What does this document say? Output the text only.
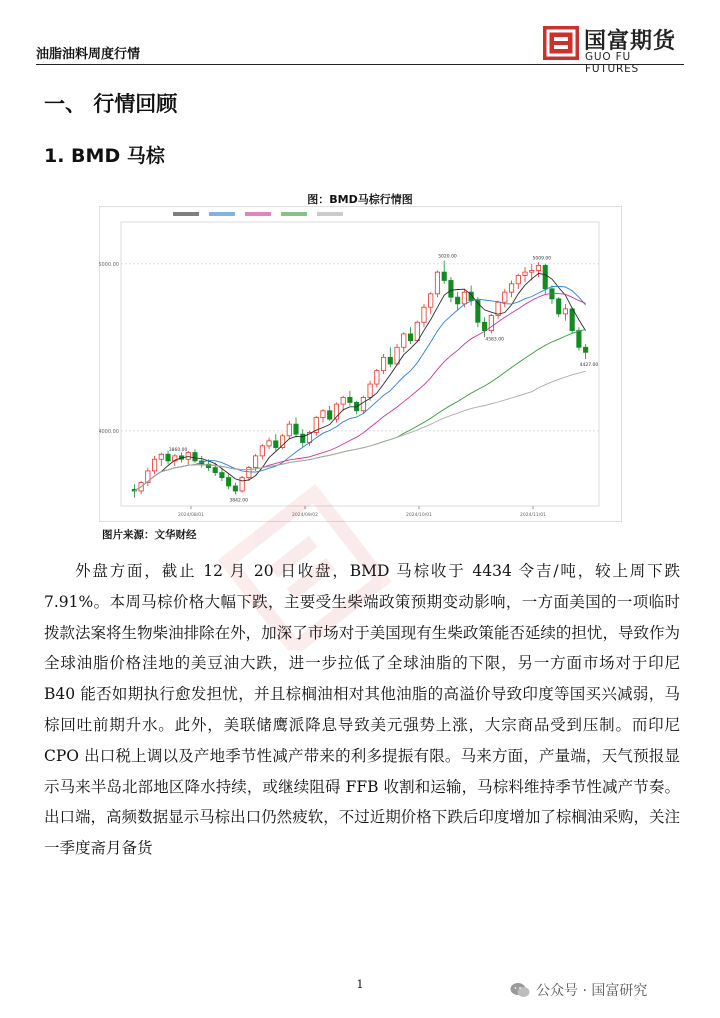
油脂油料周度行情
国富期货
GUO FU FUTURES
一、 行情回顾
1. BMD 马棕
图：BMD马棕行情图
5000.00
4000.00
3860.00
3842.00
5020.00	5009.00
4583.00
4427.00
2024/08/01	2024/09/02	2024/10/01	2024/11/01
图片来源：文华财经

外盘方面，截止 12 月 20 日收盘，BMD 马棕收于 4434 令吉/吨，较上周下跌 7.91%。本周马棕价格大幅下跌，主要受生柴端政策预期变动影响，一方面美国的一项临时拨款法案将生物柴油排除在外，加深了市场对于美国现有生柴政策能否延续的担忧，导致作为全球油脂价格洼地的美豆油大跌，进一步拉低了全球油脂的下限，另一方面市场对于印尼 B40 能否如期执行愈发担忧，并且棕榈油相对其他油脂的高溢价导致印度等国买兴减弱，马棕回吐前期升水。此外，美联储鹰派降息导致美元强势上涨，大宗商品受到压制。而印尼 CPO 出口税上调以及产地季节性减产带来的利多提振有限。马来方面，产量端，天气预报显示马来半岛北部地区降水持续，或继续阻碍 FFB 收割和运输，马棕料维持季节性减产节奏。出口端，高频数据显示马棕出口仍然疲软，不过近期价格下跌后印度增加了棕榈油采购，关注一季度斋月备货

1	公众号 · 国富研究
